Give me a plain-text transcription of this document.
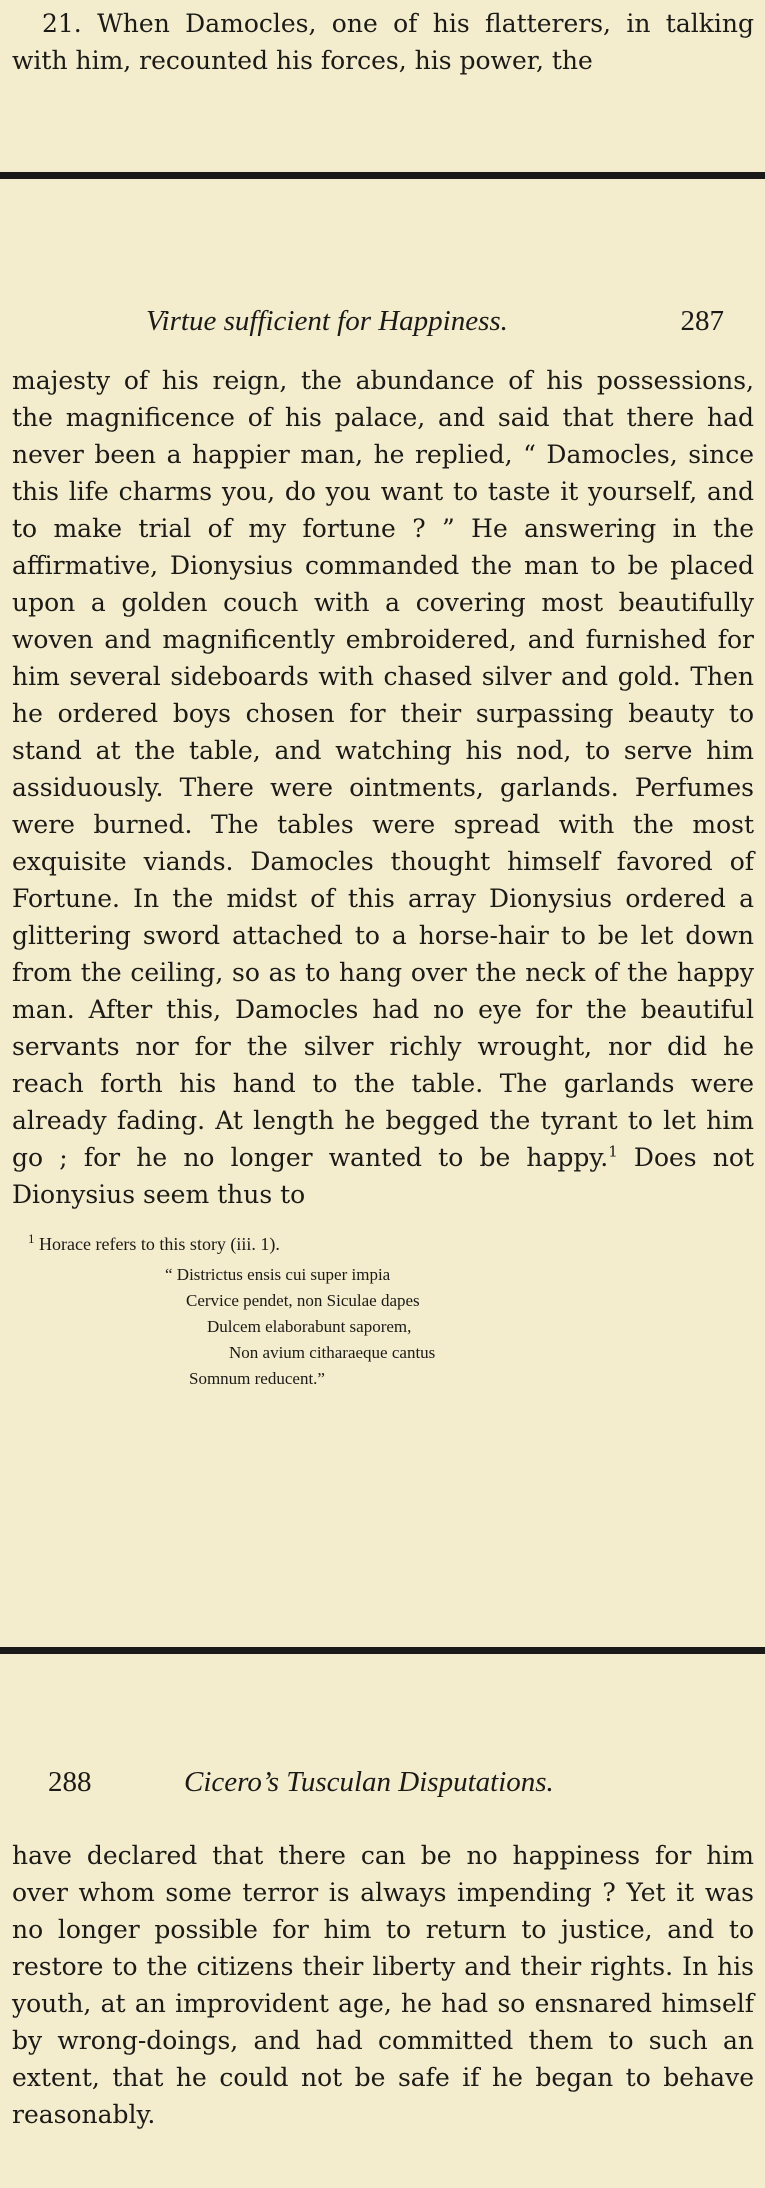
21. When Damocles, one of his flatterers, in talking with him, recounted his forces, his power, the

Virtue sufficient for Happiness.	287

majesty of his reign, the abundance of his possessions, the magnificence of his palace, and said that there had never been a happier man, he replied, “ Damocles, since this life charms you, do you want to taste it yourself, and to make trial of my fortune ? ” He answering in the affirmative, Dionysius commanded the man to be placed upon a golden couch with a covering most beautifully woven and magnificently embroidered, and furnished for him several sideboards with chased silver and gold. Then he ordered boys chosen for their surpassing beauty to stand at the table, and watching his nod, to serve him assiduously. There were ointments, garlands. Perfumes were burned. The tables were spread with the most exquisite viands. Damocles thought himself favored of Fortune. In the midst of this array Dionysius ordered a glittering sword attached to a horse-hair to be let down from the ceiling, so as to hang over the neck of the happy man. After this, Damocles had no eye for the beautiful servants nor for the silver richly wrought, nor did he reach forth his hand to the table. The garlands were already fading. At length he begged the tyrant to let him go ; for he no longer wanted to be happy.$^1$ Does not Dionysius seem thus to

$^1$ Horace refers to this story (iii. 1).
“ Districtus ensis cui super impia
Cervice pendet, non Siculae dapes
Dulcem elaborabunt saporem,
Non avium citharaeque cantus
Somnum reducent.”
288	Cicero’s Tusculan Disputations.

have declared that there can be no happiness for him over whom some terror is always impending ? Yet it was no longer possible for him to return to justice, and to restore to the citizens their liberty and their rights. In his youth, at an improvident age, he had so ensnared himself by wrong-doings, and had committed them to such an extent, that he could not be safe if he began to behave reasonably.
